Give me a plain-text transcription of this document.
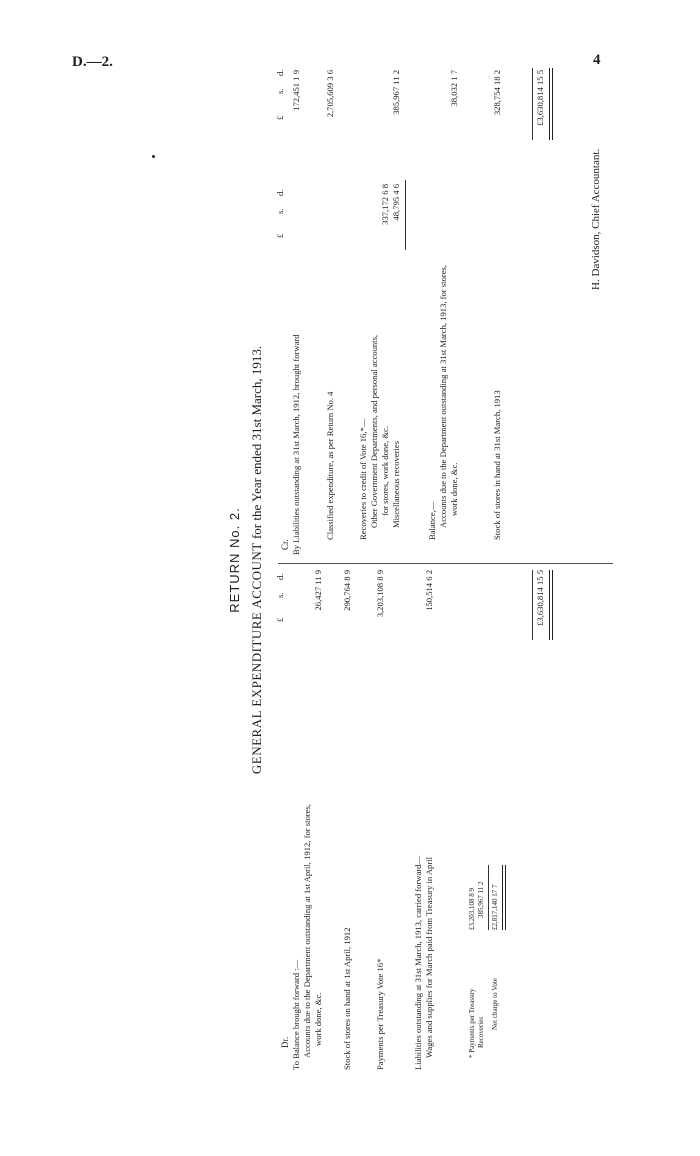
D.—2.	4
RETURN No. 2. GENERAL EXPENDITURE ACCOUNT for the Year ended 31st March, 1913.
Dr.
Cr.
£
s.
d.
£
s.
d.
£
s.
d.
To Balance brought forward :— Accounts due to the Department outstanding at 1st April, 1912, for stores, work done, &c.
26,427 11 9
Stock of stores on hand at 1st April, 1912
290,764 8 9
Payments per Treasury Vote 16*
3,203,108 8 9
Liabilities outstanding at 31st March, 1913, carried forward— Wages and supplies for March paid from Treasury in April
150,514 6 2
* Payments per Treasury
£3,203,108 8 9
Recoveries
385,967 11 2
Net charge to Vote
£2,817,140 17 7
£3,630,814 15 5
By Liabilities outstanding at 31st March, 1912, brought forward
172,451 1 9
Classified expenditure, as per Return No. 4
2,705,609 3 6
Recoveries to credit of Vote 16,*— Other Government Departments, and personal accounts, for stores, work done, &c.
337,172 6 8
Miscellaneous recoveries
48,795 4 6
385,967 11 2
Balance,— Accounts due to the Department outstanding at 31st March, 1913, for stores, work done, &c.
38,032 1 7
Stock of stores in hand at 31st March, 1913
328,754 18 2	£3,630,814 15 5
H. Davidson, Chief Accountant.
